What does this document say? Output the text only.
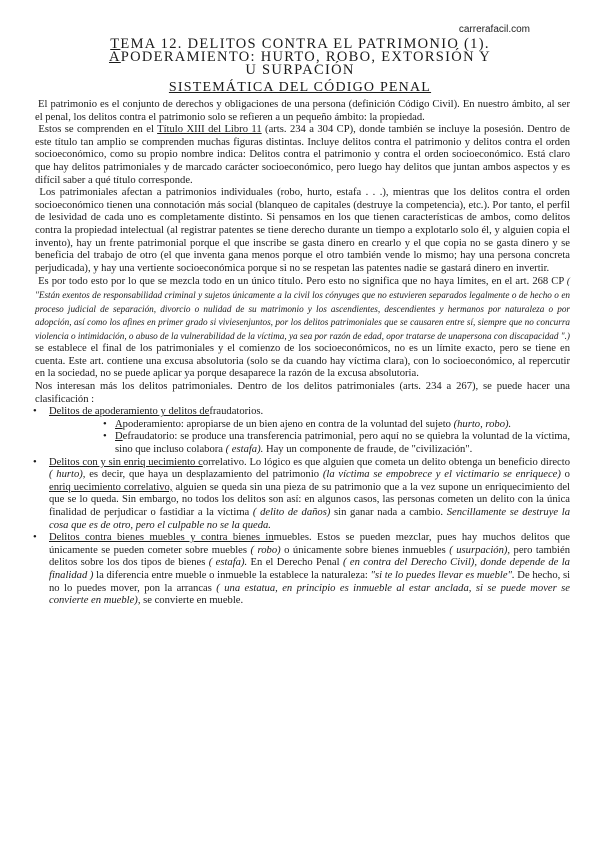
carrerafacil.com
TEMA 12. DELITOS CONTRA EL PATRIMONIO (1).
APODERAMIENTO: HURTO, ROBO, EXTORSIÓN Y
U SURPACIÓN
SISTEMÁTICA DEL CÓDIGO PENAL

El patrimonio es el conjunto de derechos y obligaciones de una persona (definición Código Civil). En nuestro ámbito, al ser el penal, los delitos contra el patrimonio solo se refieren a un pequeño ámbito: la propiedad.

Estos se comprenden en el Título XIII del Libro 11 (arts. 234 a 304 CP), donde también se incluye la posesión. Dentro de este título tan amplio se comprenden muchas figuras distintas. Incluye delitos contra el patrimonio y delitos contra el orden socioeconómico, como su propio nombre indica: Delitos contra el patrimonio y contra el orden socioeconómico. Está claro que hay delitos patrimoniales y de marcado carácter socioeconómico, pero luego hay delitos que juntan ambos aspectos y es difícil saber a qué título corresponde.

Los patrimoniales afectan a patrimonios individuales (robo, hurto, estafa . . .), mientras que los delitos contra el orden socioeconómico tienen una connotación más social (blanqueo de capitales (destruye la competencia), etc.). Por tanto, el perfil de lesividad de cada uno es completamente distinto. Si pensamos en los que tienen características de ambos, como delitos contra la propiedad intelectual (al registrar patentes se tiene derecho durante un tiempo a explotarlo solo él, y alguien copia el invento), hay un frente patrimonial porque el que inscribe se gasta dinero en crearlo y el que copia no se gasta dinero y se beneficia del trabajo de otro (el que inventa gana menos porque el otro también vende lo mismo; hay una persona concreta perjudicada), y hay una vertiente socioeconómica porque si no se respetan las patentes nadie se gastará dinero en invertir.

Es por todo esto por lo que se mezcla todo en un único título. Pero esto no significa que no haya límites, en el art. 268 CP ( "Están exentos de responsabilidad criminal y sujetos únicamente a la civil los cónyuges que no estuvieren separados legalmente o de hecho o en proceso judicial de separación, divorcio o nulidad de su matrimonio y los ascendientes, descendientes y hermanos por naturaleza o por adopción, así como los afines en primer grado si viviesenjuntos, por los delitos patrimoniales que se causaren entre sí, siempre que no concurra violencia o intimidación, o abuso de la vulnerabilidad de la víctima, ya sea por razón de edad, opor tratarse de unapersona con discapacidad ".) se establece el final de los patrimoniales y el comienzo de los socioeconómicos, no es un límite exacto, pero se tiene en cuenta. Este art. contiene una excusa absolutoria (solo se da cuando hay víctima clara), con lo socioeconómico, al repercutir en la sociedad, no se puede aplicar ya porque desaparece la razón de la excusa absolutoria.

Nos interesan más los delitos patrimoniales. Dentro de los delitos patrimoniales (arts. 234 a 267), se puede hacer una clasificación :

• Delitos de apoderamiento y delitos defraudatorios.
• Apoderamiento: apropiarse de un bien ajeno en contra de la voluntad del sujeto (hurto, robo).
• Defraudatorio: se produce una transferencia patrimonial, pero aquí no se quiebra la voluntad de la víctima, sino que incluso colabora ( estafa). Hay un componente de fraude, de "civilización".
• Delitos con y sin enriq uecimiento correlativo. Lo lógico es que alguien que cometa un delito obtenga un beneficio directo ( hurto), es decir, que haya un desplazamiento del patrimonio (la víctima se empobrece y el victimario se enriquece) o enriq uecimiento correlativo, alguien se queda sin una pieza de su patrimonio que a la vez supone un enriquecimiento del que se lo queda. Sin embargo, no todos los delitos son así: en algunos casos, las personas cometen un delito con la única finalidad de perjudicar o fastidiar a la víctima ( delito de daños) sin ganar nada a cambio. Sencillamente se destruye la cosa que es de otro, pero el culpable no se la queda.
• Delitos contra bienes muebles y contra bienes inmuebles. Estos se pueden mezclar, pues hay muchos delitos que únicamente se pueden cometer sobre muebles ( robo) o únicamente sobre bienes inmuebles ( usurpación), pero también delitos sobre los dos tipos de bienes ( estafa). En el Derecho Penal ( en contra del Derecho Civil), donde depende de la finalidad ) la diferencia entre mueble o inmueble la establece la naturaleza: "si te lo puedes llevar es mueble". De hecho, si no lo puedes mover, pon la arrancas ( una estatua, en principio es inmueble al estar anclada, si se puede mover se convierte en mueble), se convierte en mueble.
